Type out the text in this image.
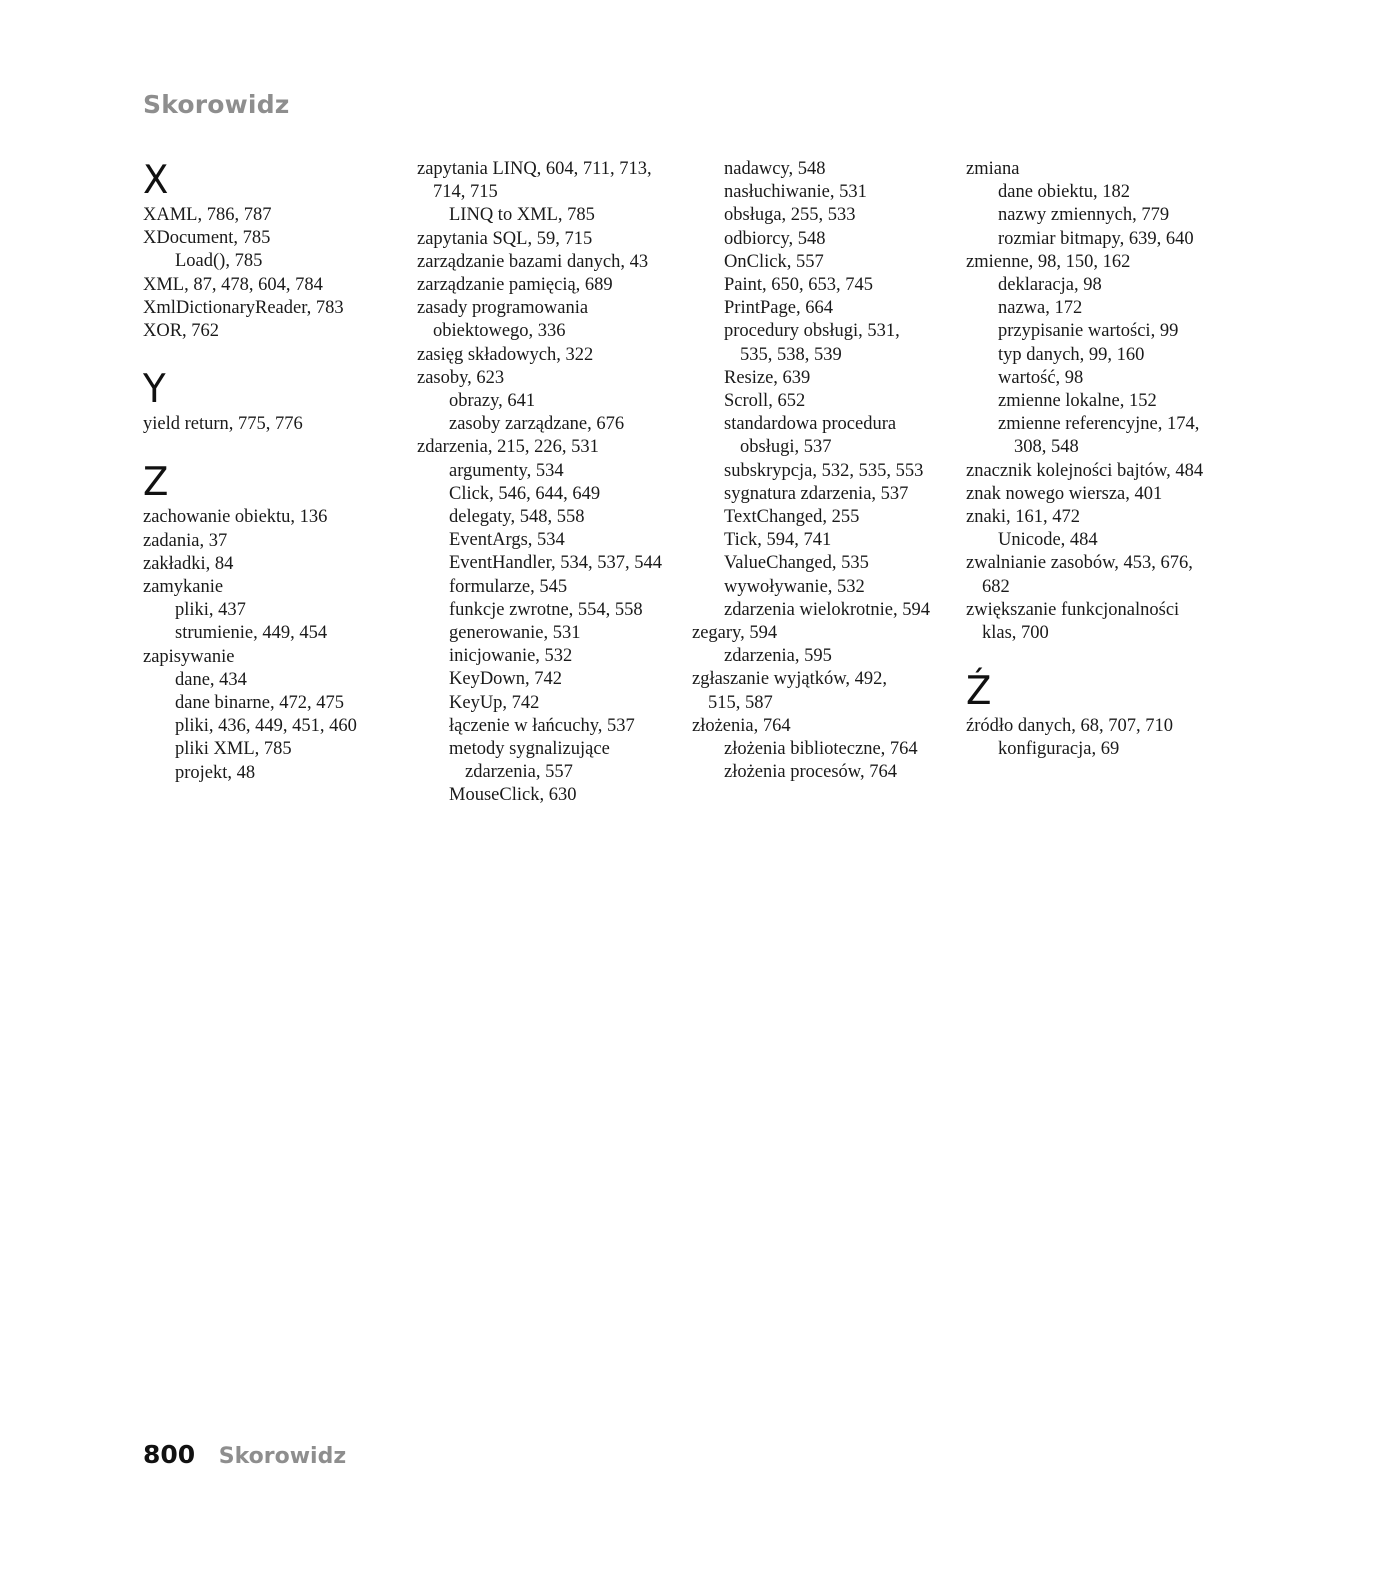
Skorowidz
X
XAML, 786, 787
XDocument, 785
Load(), 785
XML, 87, 478, 604, 784
XmlDictionaryReader, 783
XOR, 762
Y
yield return, 775, 776
Z
zachowanie obiektu, 136
zadania, 37
zakładki, 84
zamykanie
pliki, 437
strumienie, 449, 454
zapisywanie
dane, 434
dane binarne, 472, 475
pliki, 436, 449, 451, 460
pliki XML, 785
projekt, 48
zapytania LINQ, 604, 711, 713,
714, 715
LINQ to XML, 785
zapytania SQL, 59, 715
zarządzanie bazami danych, 43
zarządzanie pamięcią, 689
zasady programowania
obiektowego, 336
zasięg składowych, 322
zasoby, 623
obrazy, 641
zasoby zarządzane, 676
zdarzenia, 215, 226, 531
argumenty, 534
Click, 546, 644, 649
delegaty, 548, 558
EventArgs, 534
EventHandler, 534, 537, 544
formularze, 545
funkcje zwrotne, 554, 558
generowanie, 531
inicjowanie, 532
KeyDown, 742
KeyUp, 742
łączenie w łańcuchy, 537
metody sygnalizujące
zdarzenia, 557
MouseClick, 630
nadawcy, 548
nasłuchiwanie, 531
obsługa, 255, 533
odbiorcy, 548
OnClick, 557
Paint, 650, 653, 745
PrintPage, 664
procedury obsługi, 531,
535, 538, 539
Resize, 639
Scroll, 652
standardowa procedura
obsługi, 537
subskrypcja, 532, 535, 553
sygnatura zdarzenia, 537
TextChanged, 255
Tick, 594, 741
ValueChanged, 535
wywoływanie, 532
zdarzenia wielokrotnie, 594
zegary, 594
zdarzenia, 595
zgłaszanie wyjątków, 492,
515, 587
złożenia, 764
złożenia biblioteczne, 764
złożenia procesów, 764
zmiana
dane obiektu, 182
nazwy zmiennych, 779
rozmiar bitmapy, 639, 640
zmienne, 98, 150, 162
deklaracja, 98
nazwa, 172
przypisanie wartości, 99
typ danych, 99, 160
wartość, 98
zmienne lokalne, 152
zmienne referencyjne, 174,
308, 548
znacznik kolejności bajtów, 484
znak nowego wiersza, 401
znaki, 161, 472
Unicode, 484
zwalnianie zasobów, 453, 676,
682
zwiększanie funkcjonalności
klas, 700
Ź
źródło danych, 68, 707, 710
konfiguracja, 69
800 Skorowidz
